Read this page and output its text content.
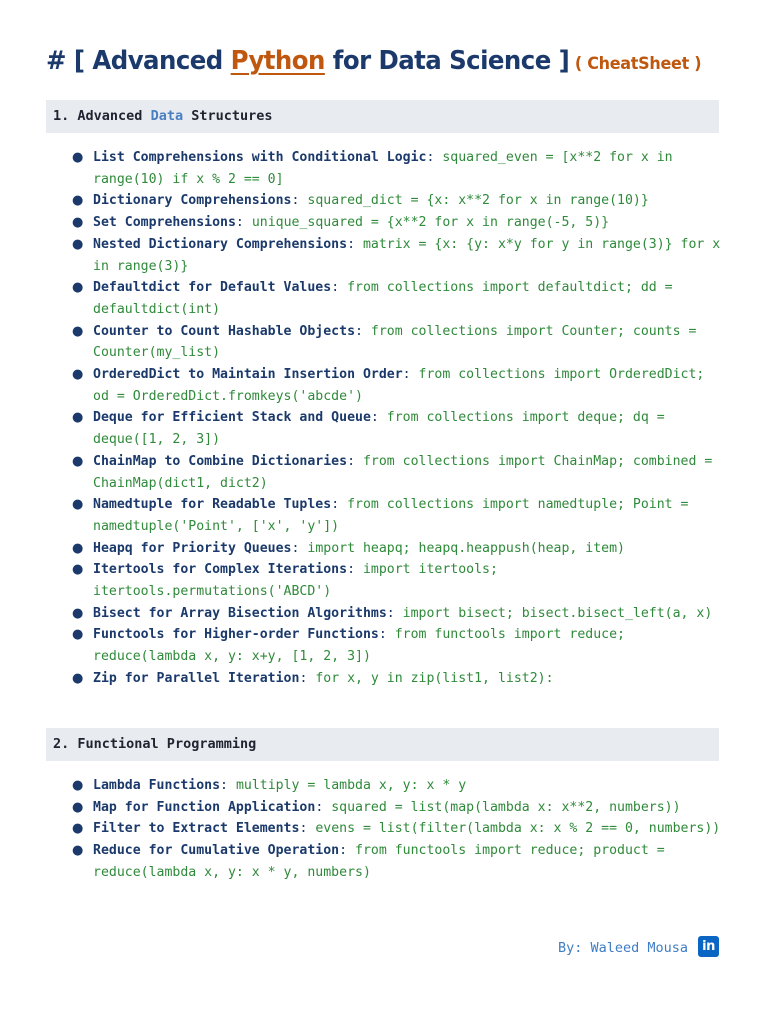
# [ Advanced Python for Data Science ] ( CheatSheet )
1. Advanced Data Structures
● List Comprehensions with Conditional Logic: squared_even = [x**2 for x in range(10) if x % 2 == 0]
● Dictionary Comprehensions: squared_dict = {x: x**2 for x in range(10)}
● Set Comprehensions: unique_squared = {x**2 for x in range(-5, 5)}
● Nested Dictionary Comprehensions: matrix = {x: {y: x*y for y in range(3)} for x in range(3)}
● Defaultdict for Default Values: from collections import defaultdict; dd = defaultdict(int)
● Counter to Count Hashable Objects: from collections import Counter; counts = Counter(my_list)
● OrderedDict to Maintain Insertion Order: from collections import OrderedDict; od = OrderedDict.fromkeys('abcde')
● Deque for Efficient Stack and Queue: from collections import deque; dq = deque([1, 2, 3])
● ChainMap to Combine Dictionaries: from collections import ChainMap; combined = ChainMap(dict1, dict2)
● Namedtuple for Readable Tuples: from collections import namedtuple; Point = namedtuple('Point', ['x', 'y'])
● Heapq for Priority Queues: import heapq; heapq.heappush(heap, item)
● Itertools for Complex Iterations: import itertools; itertools.permutations('ABCD')
● Bisect for Array Bisection Algorithms: import bisect; bisect.bisect_left(a, x)
● Functools for Higher-order Functions: from functools import reduce; reduce(lambda x, y: x+y, [1, 2, 3])
● Zip for Parallel Iteration: for x, y in zip(list1, list2):
2. Functional Programming
● Lambda Functions: multiply = lambda x, y: x * y
● Map for Function Application: squared = list(map(lambda x: x**2, numbers))
● Filter to Extract Elements: evens = list(filter(lambda x: x % 2 == 0, numbers))
● Reduce for Cumulative Operation: from functools import reduce; product = reduce(lambda x, y: x * y, numbers)
By: Waleed Mousa	in
